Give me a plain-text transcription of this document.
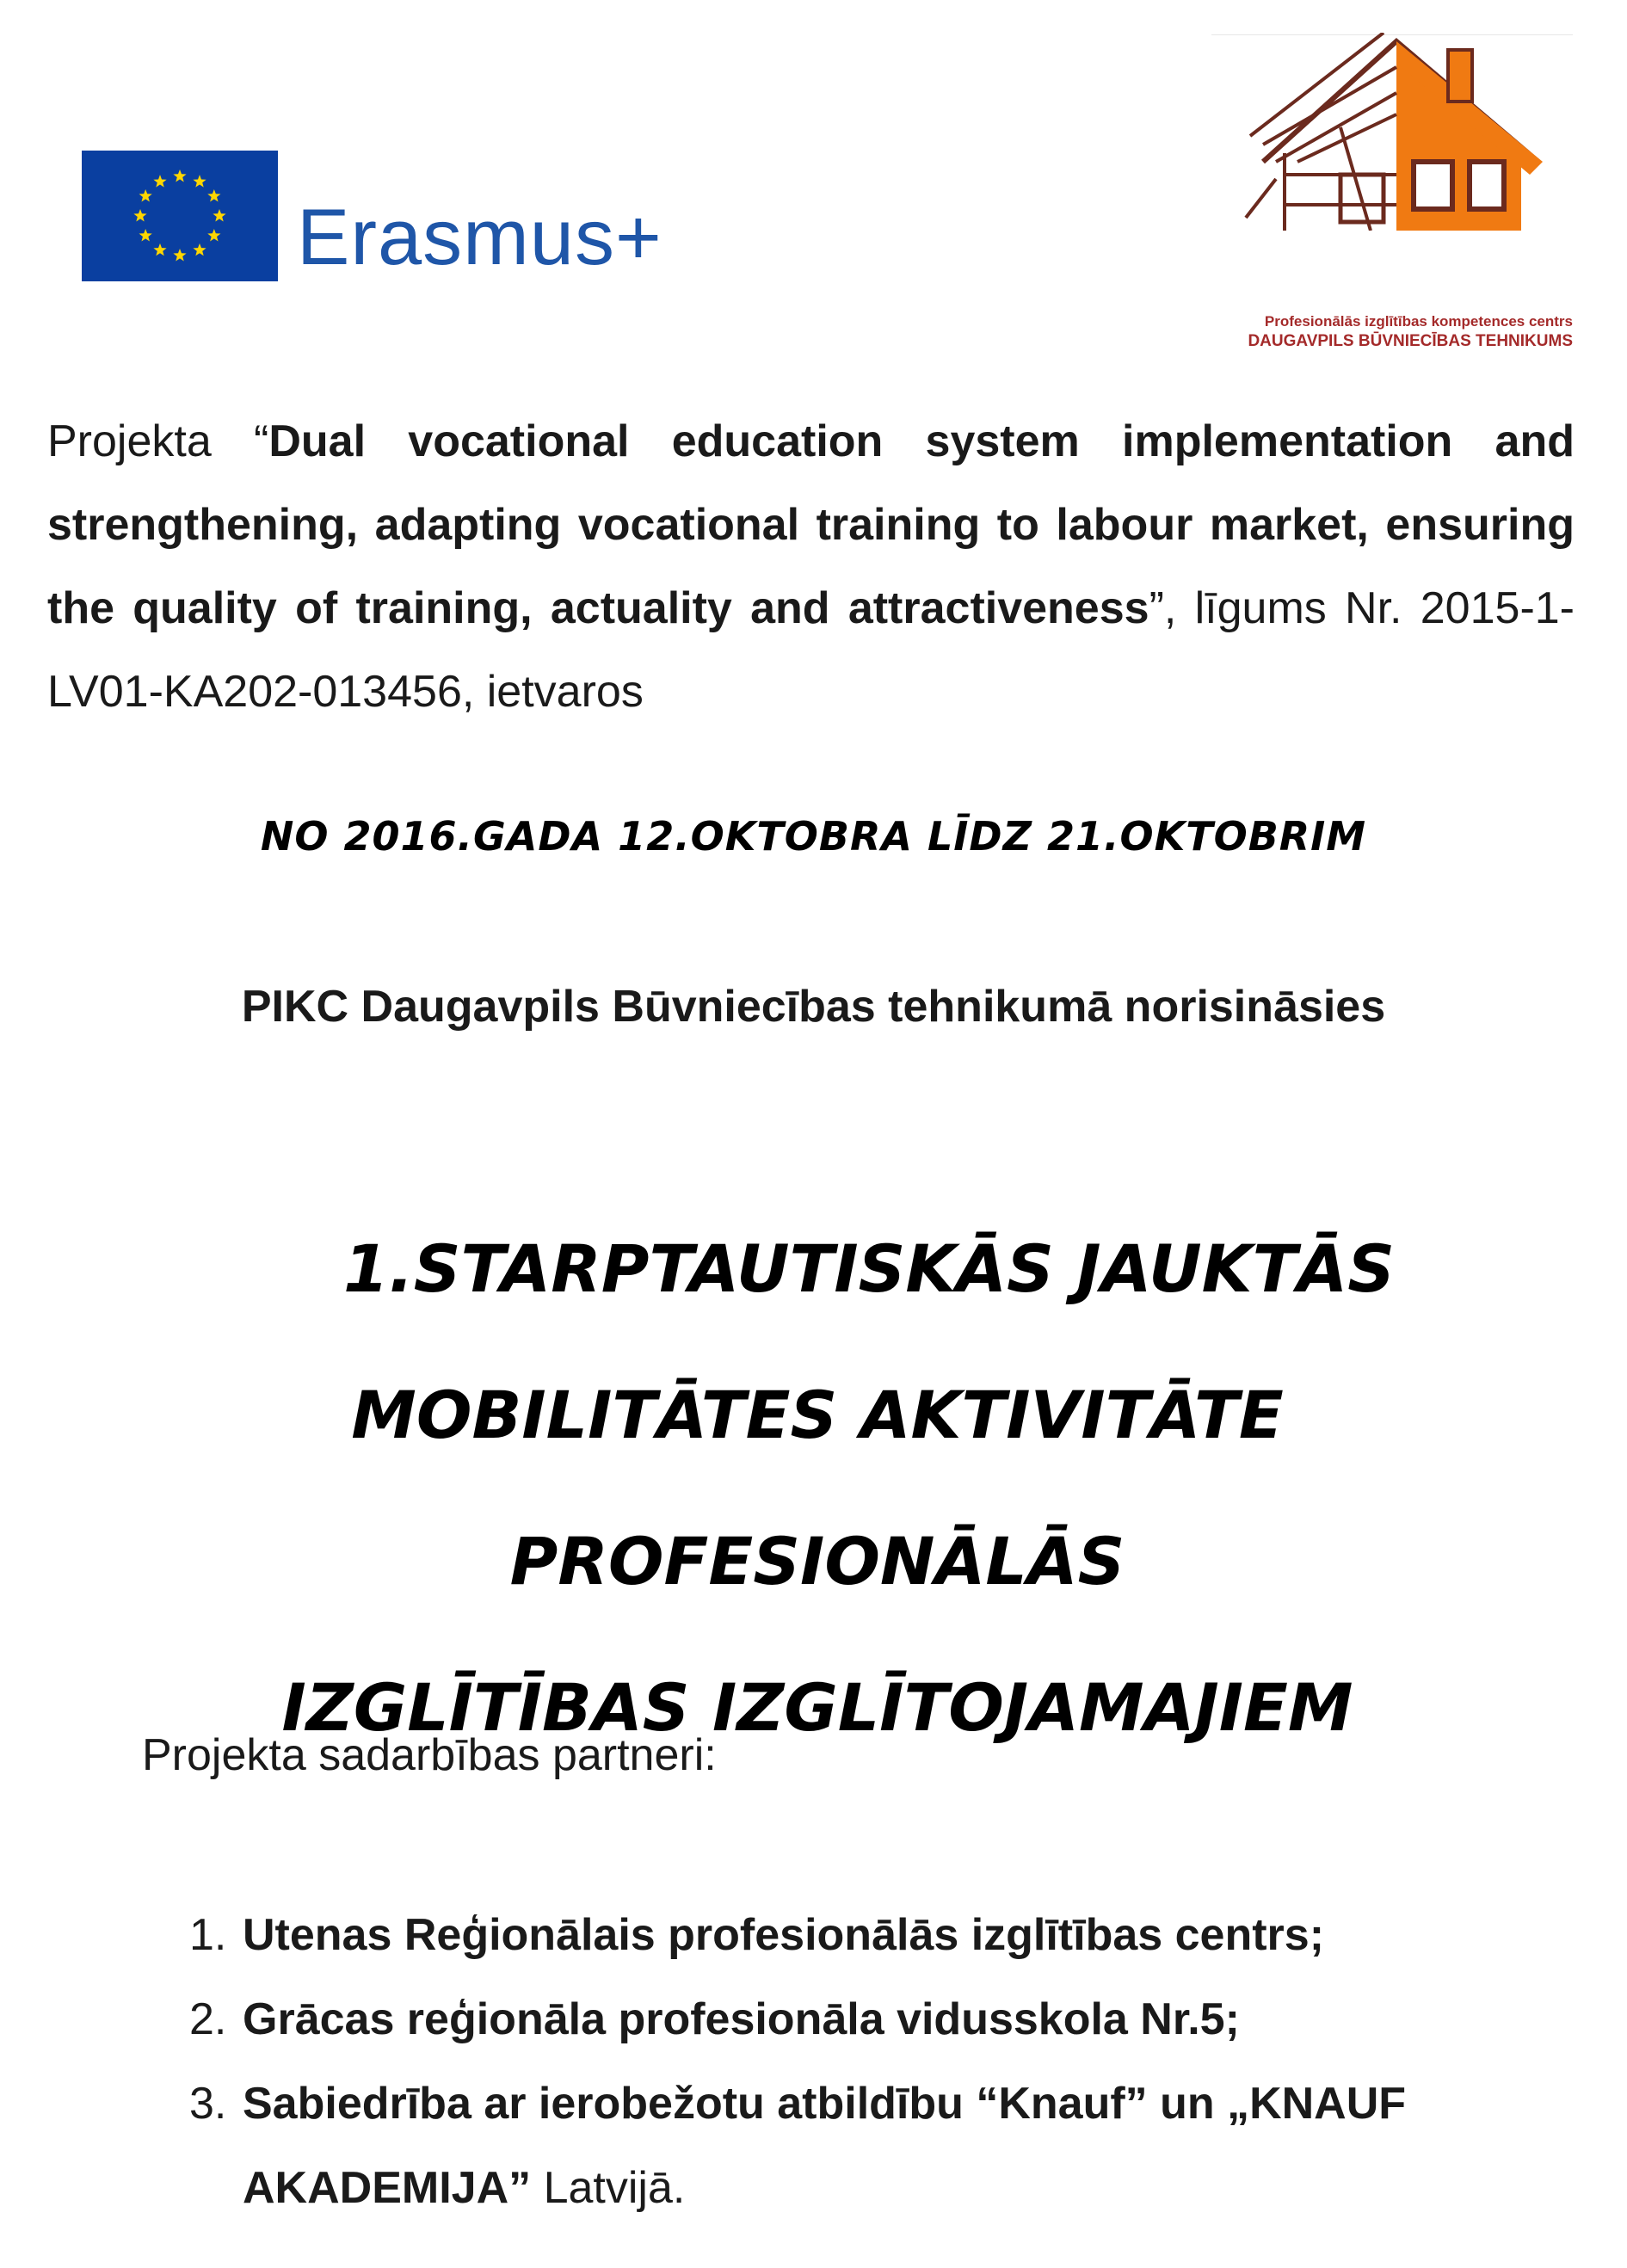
Erasmus+
Profesionālās izglītības kompetences centrs
DAUGAVPILS BŪVNIECĪBAS TEHNIKUMS
Projekta “Dual vocational education system implementation and strengthening, adapting vocational training to labour market, ensuring the quality of training, actuality and attractiveness”, līgums Nr. 2015-1-LV01-KA202-013456, ietvaros
NO 2016.GADA 12.OKTOBRA LĪDZ 21.OKTOBRIM
PIKC Daugavpils Būvniecības tehnikumā norisināsies
1.STARPTAUTISKĀS JAUKTĀS
MOBILITĀTES AKTIVITĀTE PROFESIONĀLĀS
IZGLĪTĪBAS IZGLĪTOJAMAJIEM
Projekta sadarbības partneri:
1. Utenas Reģionālais profesionālās izglītības centrs;
2. Grācas reģionāla profesionāla vidusskola Nr.5;
3. Sabiedrība ar ierobežotu atbildību “Knauf” un „KNAUF AKADEMIJA” Latvijā.
